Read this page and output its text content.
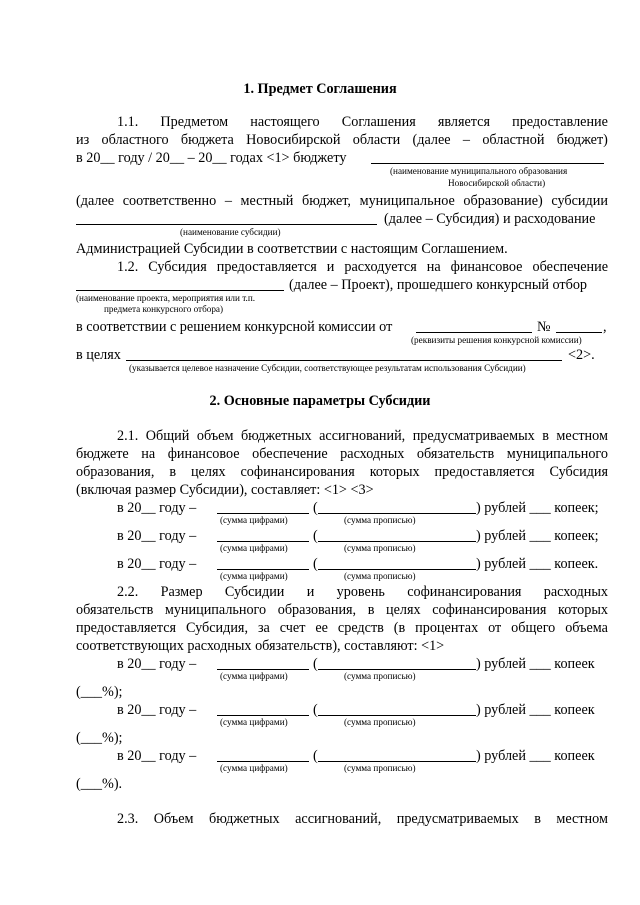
1. Предмет Соглашения
1.1. Предметом настоящего Соглашения является предоставление
из областного бюджета Новосибирской области (далее – областной бюджет)
в 20__ году / 20__ – 20__ годах <1> бюджету
(наименование муниципального образования
Новосибирской области)
(далее соответственно – местный бюджет, муниципальное образование) субсидии
(далее – Субсидия) и расходование
(наименование субсидии)
Администрацией Субсидии в соответствии с настоящим Соглашением.
1.2. Субсидия предоставляется и расходуется на финансовое обеспечение
(далее – Проект), прошедшего конкурсный отбор
(наименование проекта, мероприятия или т.п.
предмета конкурсного отбора)
в соответствии с решением конкурсной комиссии от	№	,
(реквизиты решения конкурсной комиссии)
в целях	<2>.
(указывается целевое назначение Субсидии, соответствующее результатам использования Субсидии)
2. Основные параметры Субсидии
2.1. Общий объем бюджетных ассигнований, предусматриваемых в местном
бюджете на финансовое обеспечение расходных обязательств муниципального
образования, в целях софинансирования которых предоставляется Субсидия
(включая размер Субсидии), составляет: <1> <3>
в 20__ году –	(	) рублей ___ копеек;
(сумма цифрами)	(сумма прописью)
в 20__ году –	(	) рублей ___ копеек;
(сумма цифрами)	(сумма прописью)
в 20__ году –	(	) рублей ___ копеек.
(сумма цифрами)	(сумма прописью)
2.2. Размер Субсидии и уровень софинансирования расходных
обязательств муниципального образования, в целях софинансирования которых
предоставляется Субсидия, за счет ее средств (в процентах от общего объема
соответствующих расходных обязательств), составляют: <1>
в 20__ году –	(	) рублей ___ копеек
(сумма цифрами)	(сумма прописью)
(___%);
в 20__ году –	(	) рублей ___ копеек
(сумма цифрами)	(сумма прописью)
(___%);
в 20__ году –	(	) рублей ___ копеек
(сумма цифрами)	(сумма прописью)
(___%).
2.3. Объем бюджетных ассигнований, предусматриваемых в местном
